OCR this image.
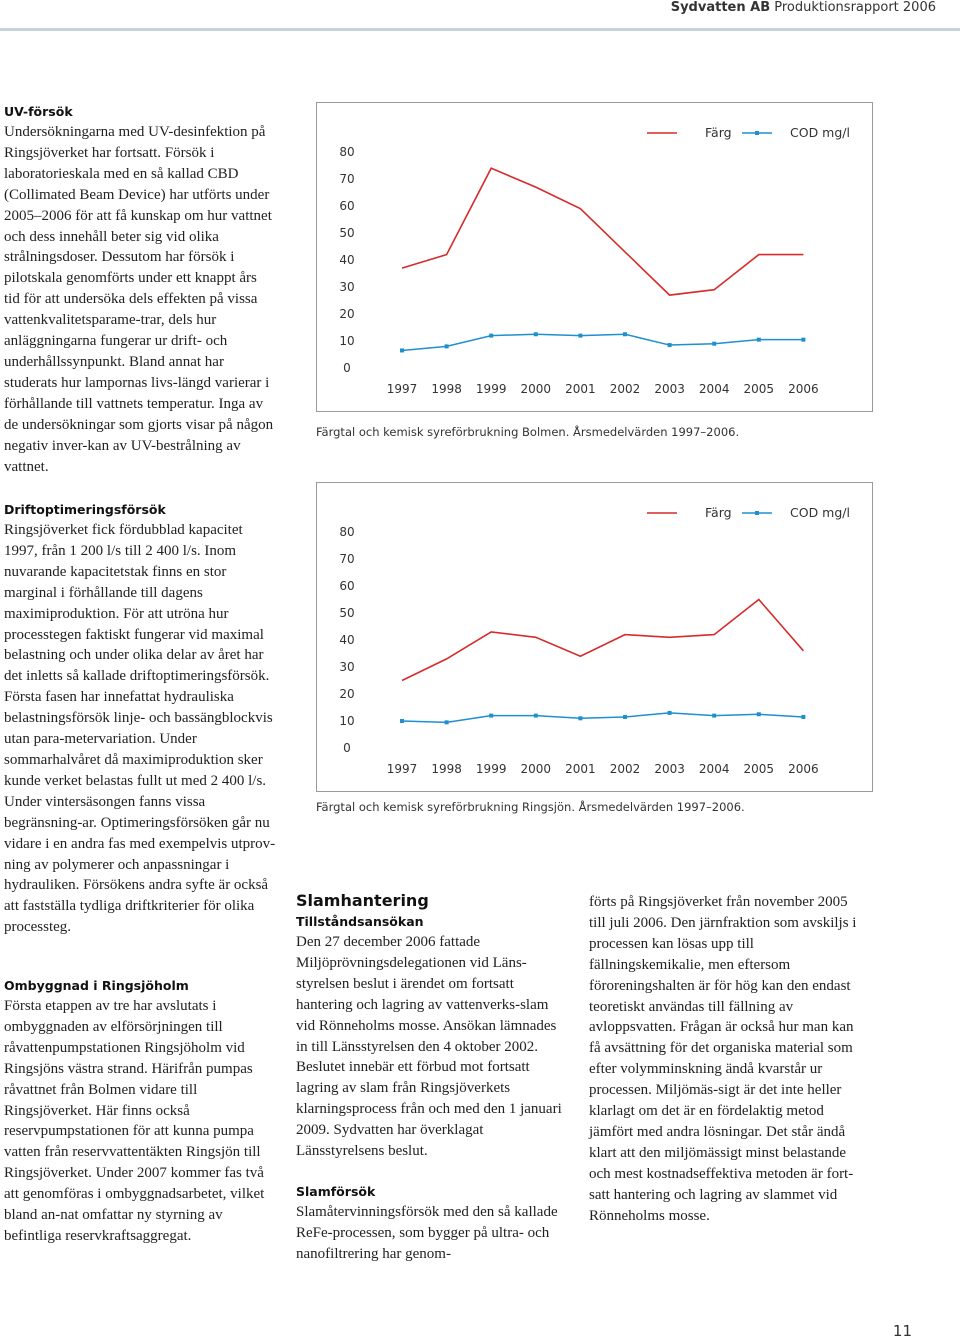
Sydvatten AB Produktionsrapport 2006

UV-försök

Undersökningarna med UV-desinfektion på Ringsjöverket har fortsatt. Försök i laboratorieskala med en så kallad CBD (Collimated Beam Device) har utförts under 2005–2006 för att få kunskap om hur vattnet och dess innehåll beter sig vid olika strålningsdoser. Dessutom har försök i pilotskala genomförts under ett knappt års tid för att undersöka dels effekten på vissa vattenkvalitetsparame-trar, dels hur anläggningarna fungerar ur drift- och underhållssynpunkt. Bland annat har studerats hur lampornas livs-längd varierar i förhållande till vattnets temperatur. Inga av de undersökningar som gjorts visar på någon negativ inver-kan av UV-bestrålning av vattnet.

Driftoptimeringsförsök

Ringsjöverket fick fördubblad kapacitet 1997, från 1 200 l/s till 2 400 l/s. Inom nuvarande kapacitetstak finns en stor marginal i förhållande till dagens maximiproduktion. För att utröna hur processtegen faktiskt fungerar vid maximal belastning och under olika delar av året har det inletts så kallade driftoptimeringsförsök. Första fasen har innefattat hydrauliska belastningsförsök linje- och bassängblockvis utan para-metervariation. Under sommarhalvåret då maximiproduktion sker kunde verket belastas fullt ut med 2 400 l/s. Under vintersäsongen fanns vissa begränsning-ar. Optimeringsförsöken går nu vidare i en andra fas med exempelvis utprov-ning av polymerer och anpassningar i hydrauliken. Försökens andra syfte är också att fastställa tydliga driftkriterier för olika processteg.

Ombyggnad i Ringsjöholm

Första etappen av tre har avslutats i ombyggnaden av elförsörjningen till råvattenpumpstationen Ringsjöholm vid Ringsjöns västra strand. Härifrån pumpas råvattnet från Bolmen vidare till Ringsjöverket. Här finns också reservpumpstationen för att kunna pumpa vatten från reservvattentäkten Ringsjön till Ringsjöverket. Under 2007 kommer fas två att genomföras i ombyggnadsarbetet, vilket bland an-nat omfattar ny styrning av befintliga reservkraftsaggregat.

0
10
20
30
40
50
60
70
80
1997 1998 1999 2000 2001 2002 2003 2004 2005 2006
Färg	COD mg/l
Färgtal och kemisk syreförbrukning Bolmen. Årsmedelvärden 1997–2006.
0
10
20
30
40
50
60
70
80
1997 1998 1999 2000 2001 2002 2003 2004 2005 2006
Färg	COD mg/l
Färgtal och kemisk syreförbrukning Ringsjön. Årsmedelvärden 1997–2006.

Slamhantering

Tillståndsansökan

Den 27 december 2006 fattade Miljöprövningsdelegationen vid Läns-styrelsen beslut i ärendet om fortsatt hantering och lagring av vattenverks-slam vid Rönneholms mosse. Ansökan lämnades in till Länsstyrelsen den 4 oktober 2002. Beslutet innebär ett förbud mot fortsatt lagring av slam från Ringsjöverkets klarningsprocess från och med den 1 januari 2009. Sydvatten har överklagat Länsstyrelsens beslut.

Slamförsök

Slamåtervinningsförsök med den så kallade ReFe-processen, som bygger på ultra- och nanofiltrering har genom-

förts på Ringsjöverket från november 2005 till juli 2006. Den järnfraktion som avskiljs i processen kan lösas upp till fällningskemikalie, men eftersom föroreningshalten är för hög kan den endast teoretiskt användas till fällning av avloppsvatten. Frågan är också hur man kan få avsättning för det organiska material som efter volymminskning ändå kvarstår ur processen. Miljömäs-sigt är det inte heller klarlagt om det är en fördelaktig metod jämfört med andra lösningar. Det står ändå klart att den miljömässigt minst belastande och mest kostnadseffektiva metoden är fort-satt hantering och lagring av slammet vid Rönneholms mosse.

11
